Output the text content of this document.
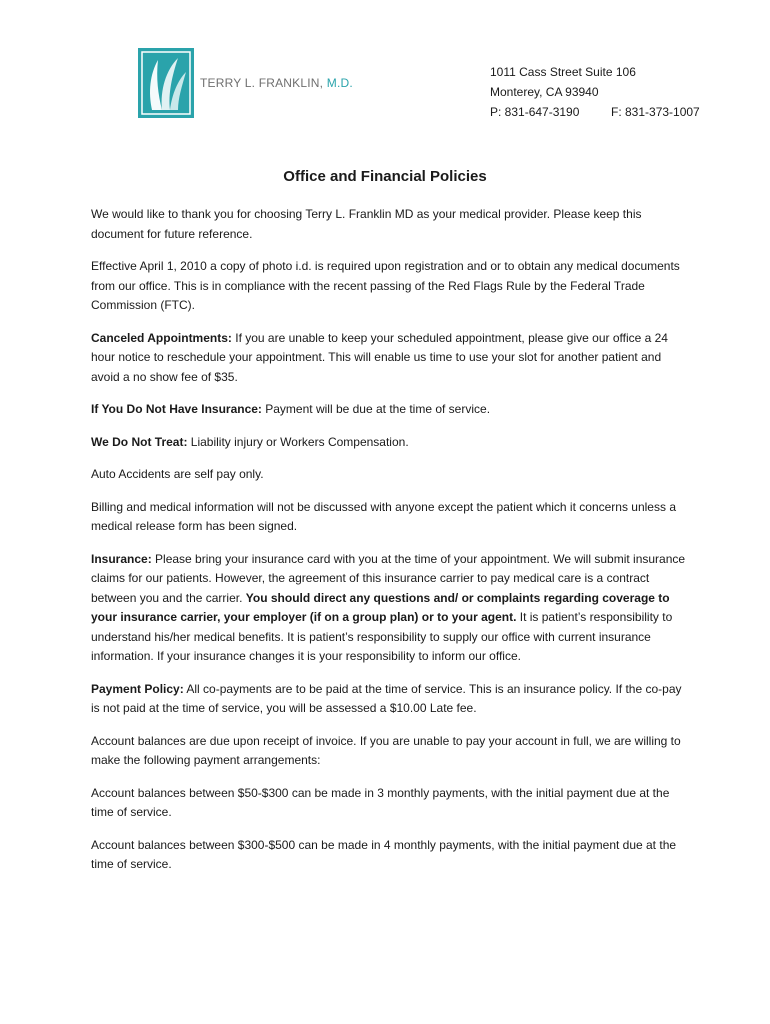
TERRY L. FRANKLIN, M.D.
1011 Cass Street Suite 106
Monterey, CA 93940
P: 831-647-3190	F: 831-373-1007
Office and Financial Policies

We would like to thank you for choosing Terry L. Franklin MD as your medical provider. Please keep this document for future reference.

Effective April 1, 2010 a copy of photo i.d. is required upon registration and or to obtain any medical documents from our office. This is in compliance with the recent passing of the Red Flags Rule by the Federal Trade Commission (FTC).

Canceled Appointments: If you are unable to keep your scheduled appointment, please give our office a 24 hour notice to reschedule your appointment. This will enable us time to use your slot for another patient and avoid a no show fee of $35.

If You Do Not Have Insurance: Payment will be due at the time of service.

We Do Not Treat: Liability injury or Workers Compensation.

Auto Accidents are self pay only.

Billing and medical information will not be discussed with anyone except the patient which it concerns unless a medical release form has been signed.

Insurance: Please bring your insurance card with you at the time of your appointment. We will submit insurance claims for our patients. However, the agreement of this insurance carrier to pay medical care is a contract between you and the carrier. You should direct any questions and/ or complaints regarding coverage to your insurance carrier, your employer (if on a group plan) or to your agent. It is patient’s responsibility to understand his/her medical benefits. It is patient’s responsibility to supply our office with current insurance information. If your insurance changes it is your responsibility to inform our office.

Payment Policy: All co-payments are to be paid at the time of service. This is an insurance policy. If the co-pay is not paid at the time of service, you will be assessed a $10.00 Late fee.

Account balances are due upon receipt of invoice. If you are unable to pay your account in full, we are willing to make the following payment arrangements:

Account balances between $50-$300 can be made in 3 monthly payments, with the initial payment due at the time of service.

Account balances between $300-$500 can be made in 4 monthly payments, with the initial payment due at the time of service.
